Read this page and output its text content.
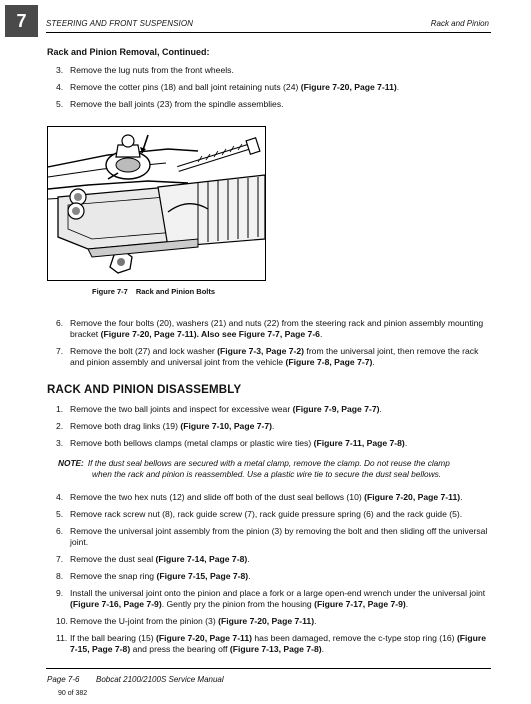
7 STEERING AND FRONT SUSPENSION	Rack and Pinion
Rack and Pinion Removal, Continued:
3. Remove the lug nuts from the front wheels.
4. Remove the cotter pins (18) and ball joint retaining nuts (24) (Figure 7-20, Page 7-11).
5. Remove the ball joints (23) from the spindle assemblies.
Figure 7-7 Rack and Pinion Bolts
6. Remove the four bolts (20), washers (21) and nuts (22) from the steering rack and pinion assembly mounting bracket (Figure 7-20, Page 7-11). Also see Figure 7-7, Page 7-6.
7. Remove the bolt (27) and lock washer (Figure 7-3, Page 7-2) from the universal joint, then remove the rack and pinion assembly and universal joint from the vehicle (Figure 7-8, Page 7-7).
RACK AND PINION DISASSEMBLY
1. Remove the two ball joints and inspect for excessive wear (Figure 7-9, Page 7-7).
2. Remove both drag links (19) (Figure 7-10, Page 7-7).
3. Remove both bellows clamps (metal clamps or plastic wire ties) (Figure 7-11, Page 7-8).
NOTE: If the dust seal bellows are secured with a metal clamp, remove the clamp. Do not reuse the clamp
when the rack and pinion is reassembled. Use a plastic wire tie to secure the dust seal bellows.
4. Remove the two hex nuts (12) and slide off both of the dust seal bellows (10) (Figure 7-20, Page 7-11).
5. Remove rack screw nut (8), rack guide screw (7), rack guide pressure spring (6) and the rack guide (5).
6. Remove the universal joint assembly from the pinion (3) by removing the bolt and then sliding off the universal joint.
7. Remove the dust seal (Figure 7-14, Page 7-8).
8. Remove the snap ring (Figure 7-15, Page 7-8).
9. Install the universal joint onto the pinion and place a fork or a large open-end wrench under the universal joint (Figure 7-16, Page 7-9). Gently pry the pinion from the housing (Figure 7-17, Page 7-9).
10. Remove the U-joint from the pinion (3) (Figure 7-20, Page 7-11).
11. If the ball bearing (15) (Figure 7-20, Page 7-11) has been damaged, remove the c-type stop ring (16) (Figure 7-15, Page 7-8) and press the bearing off (Figure 7-13, Page 7-8).
Page 7-6 Bobcat 2100/2100S Service Manual
90 of 382
